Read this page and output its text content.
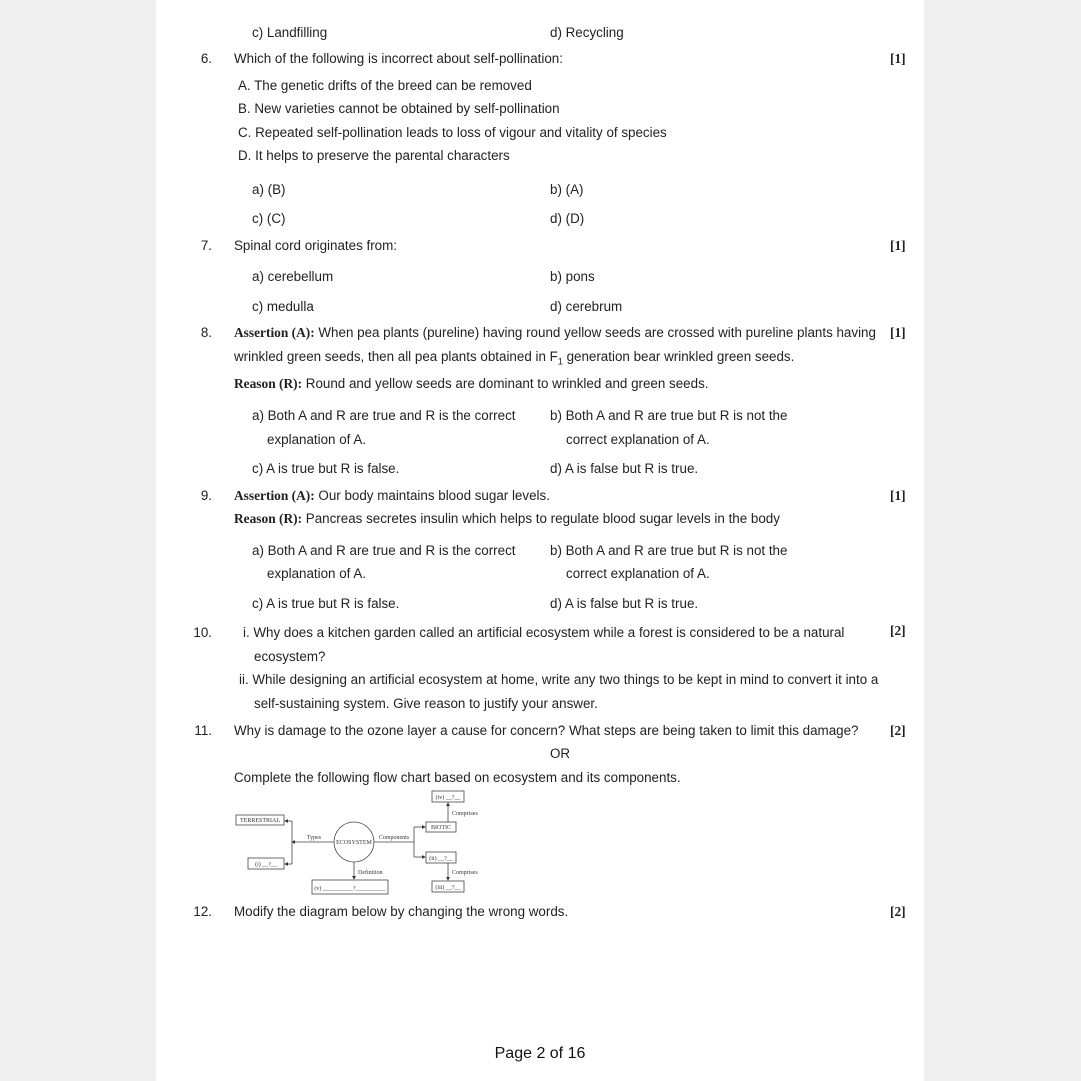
c) Landfilling	d) Recycling
6. Which of the following is incorrect about self-pollination:	[1]
A. The genetic drifts of the breed can be removed
B. New varieties cannot be obtained by self-pollination
C. Repeated self-pollination leads to loss of vigour and vitality of species
D. It helps to preserve the parental characters
a) (B)	b) (A)
c) (C)	d) (D)
7. Spinal cord originates from:	[1]
a) cerebellum	b) pons
c) medulla	d) cerebrum
8. Assertion (A): When pea plants (pureline) having round yellow seeds are crossed with pureline plants having [1]
wrinkled green seeds, then all pea plants obtained in $F_1$ generation bear wrinkled green seeds.
Reason (R): Round and yellow seeds are dominant to wrinkled and green seeds.
a) Both A and R are true and R is the correct
explanation of A.
b) Both A and R are true but R is not the
correct explanation of A.
c) A is true but R is false.	d) A is false but R is true.
9. Assertion (A): Our body maintains blood sugar levels.	[1]
Reason (R): Pancreas secretes insulin which helps to regulate blood sugar levels in the body
a) Both A and R are true and R is the correct
explanation of A.
b) Both A and R are true but R is not the
correct explanation of A.
c) A is true but R is false.	d) A is false but R is true.
10. i. Why does a kitchen garden called an artificial ecosystem while a forest is considered to be a natural	[2]
ecosystem?
ii. While designing an artificial ecosystem at home, write any two things to be kept in mind to convert it into a
self-sustaining system. Give reason to justify your answer.
11. Why is damage to the ozone layer a cause for concern? What steps are being taken to limit this damage? [2]
OR
Complete the following flow chart based on ecosystem and its components.
ECOSYSTEM
TERRESTRIAL
(i) __?__
Types	Components
BIOTIC
(iv) __?__
Comprises
(ii) __?__
Comprises
(iii) __?__
Definition
(v) __________?__________
12. Modify the diagram below by changing the wrong words.	[2]
Page 2 of 16
